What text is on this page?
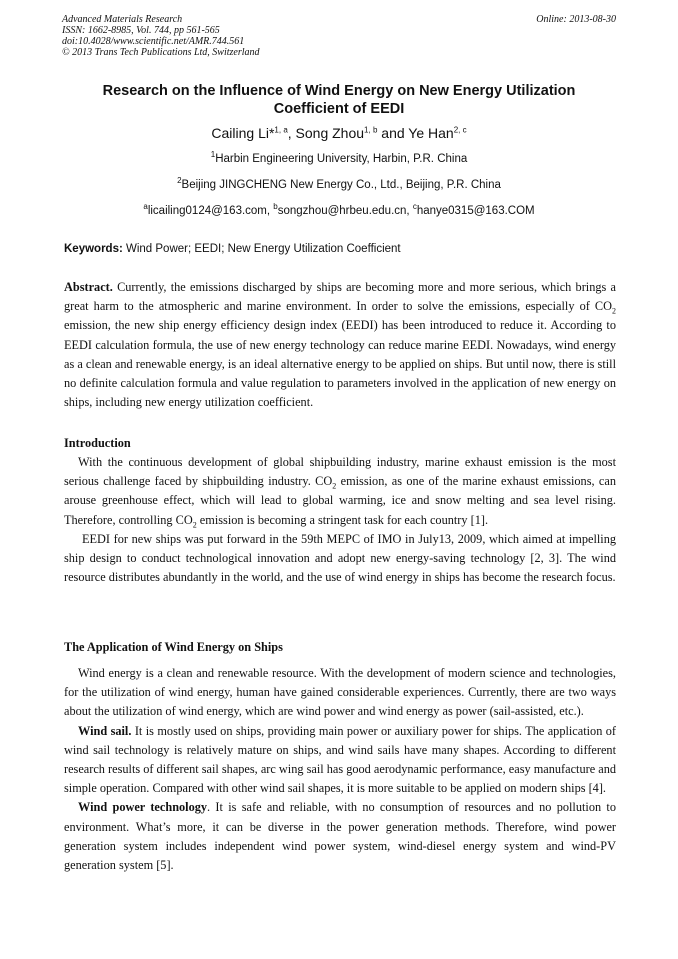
Advanced Materials Research
ISSN: 1662-8985, Vol. 744, pp 561-565
doi:10.4028/www.scientific.net/AMR.744.561
© 2013 Trans Tech Publications Ltd, Switzerland
Online: 2013-08-30
Research on the Influence of Wind Energy on New Energy Utilization
Coefficient of EEDI
Cailing Li*$^{1, a}$, Song Zhou$^{1, b}$ and Ye Han$^{2, c}$
$^1$Harbin Engineering University, Harbin, P.R. China
$^2$Beijing JINGCHENG New Energy Co., Ltd., Beijing, P.R. China
$^a$licailing0124@163.com, $^b$songzhou@hrbeu.edu.cn, $^c$hanye0315@163.COM
Keywords: Wind Power; EEDI; New Energy Utilization Coefficient

Abstract. Currently, the emissions discharged by ships are becoming more and more serious, which brings a great harm to the atmospheric and marine environment. In order to solve the emissions, especially of $CO_2$ emission, the new ship energy efficiency design index (EEDI) has been introduced to reduce it. According to EEDI calculation formula, the use of new energy technology can reduce marine EEDI. Nowadays, wind energy as a clean and renewable energy, is an ideal alternative energy to be applied on ships. But until now, there is still no definite calculation formula and value regulation to parameters involved in the application of new energy on ships, including new energy utilization coefficient.

Introduction

With the continuous development of global shipbuilding industry, marine exhaust emission is the most serious challenge faced by shipbuilding industry. $CO_2$ emission, as one of the marine exhaust emissions, can arouse greenhouse effect, which will lead to global warming, ice and snow melting and sea level rising. Therefore, controlling $CO_2$ emission is becoming a stringent task for each country [1].

EEDI for new ships was put forward in the 59th MEPC of IMO in July13, 2009, which aimed at impelling ship design to conduct technological innovation and adopt new energy-saving technology [2, 3]. The wind resource distributes abundantly in the world, and the use of wind energy in ships has become the research focus.

The Application of Wind Energy on Ships

Wind energy is a clean and renewable resource. With the development of modern science and technologies, for the utilization of wind energy, human have gained considerable experiences. Currently, there are two ways about the utilization of wind energy, which are wind power and wind energy as power (sail-assisted, etc.).

Wind sail. It is mostly used on ships, providing main power or auxiliary power for ships. The application of wind sail technology is relatively mature on ships, and wind sails have many shapes. According to different research results of different sail shapes, arc wing sail has good aerodynamic performance, easy manufacture and simple operation. Compared with other wind sail shapes, it is more suitable to be applied on modern ships [4].

Wind power technology. It is safe and reliable, with no consumption of resources and no pollution to environment. What’s more, it can be diverse in the power generation methods. Therefore, wind power generation system includes independent wind power system, wind-diesel energy system and wind-PV generation system [5].
